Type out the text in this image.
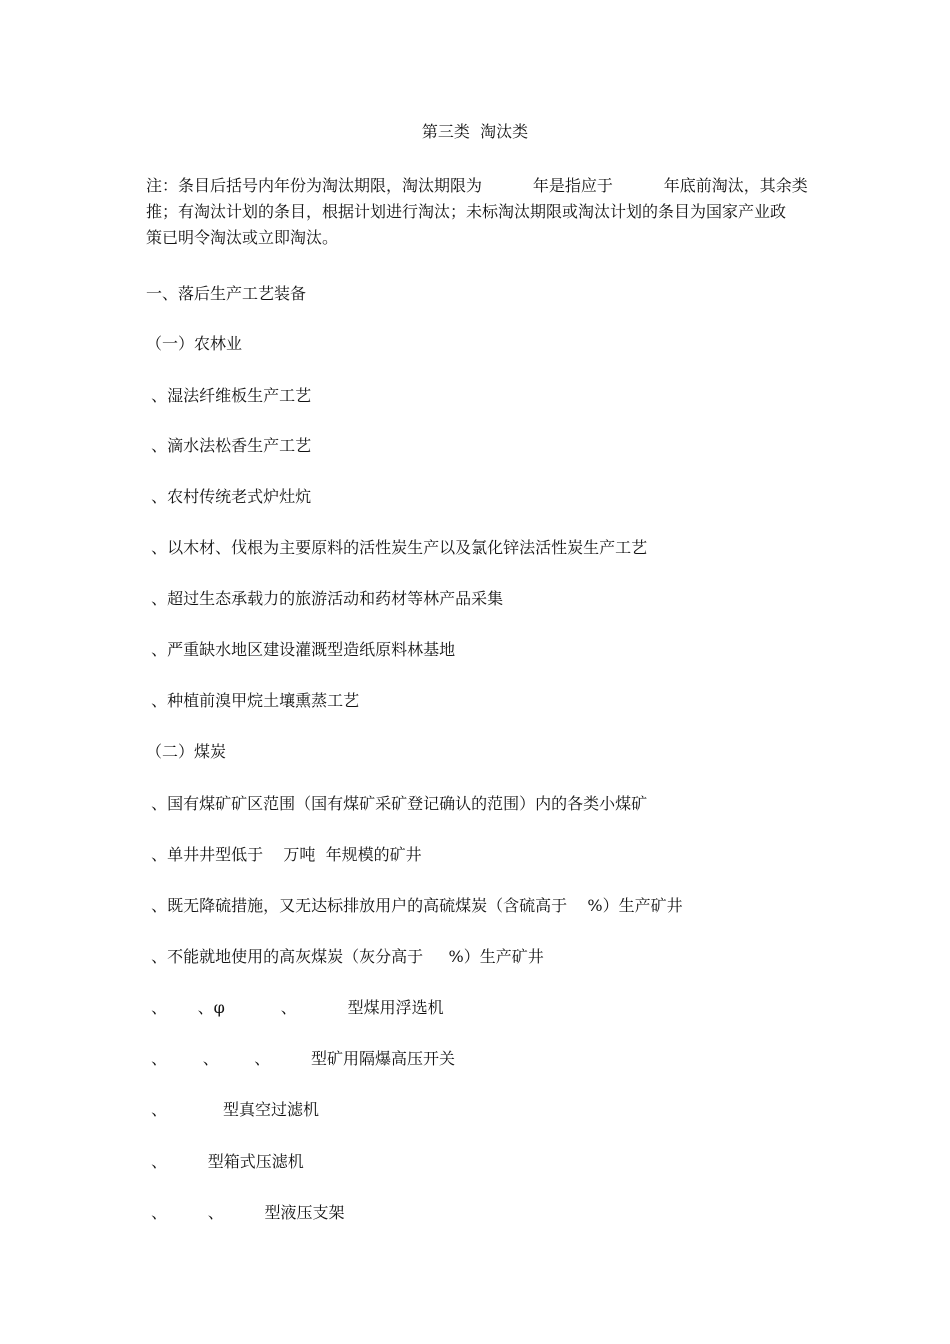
第三类  淘汰类
注：条目后括号内年份为淘汰期限，淘汰期限为          年是指应于          年底前淘汰，其余类
推；有淘汰计划的条目，根据计划进行淘汰；未标淘汰期限或淘汰计划的条目为国家产业政
策已明令淘汰或立即淘汰。
一、落后生产工艺装备
（一）农林业
、湿法纤维板生产工艺
、滴水法松香生产工艺
、农村传统老式炉灶炕
、以木材、伐根为主要原料的活性炭生产以及氯化锌法活性炭生产工艺
、超过生态承载力的旅游活动和药材等林产品采集
、严重缺水地区建设灌溉型造纸原料林基地
、种植前溴甲烷土壤熏蒸工艺
（二）煤炭
、国有煤矿矿区范围（国有煤矿采矿登记确认的范围）内的各类小煤矿
、单井井型低于    万吨  年规模的矿井
、既无降硫措施，又无达标排放用户的高硫煤炭（含硫高于    %）生产矿井
、不能就地使用的高灰煤炭（灰分高于     %）生产矿井
、      、φ           、          型煤用浮选机
、       、       、        型矿用隔爆高压开关
、           型真空过滤机
、        型箱式压滤机
、        、        型液压支架
